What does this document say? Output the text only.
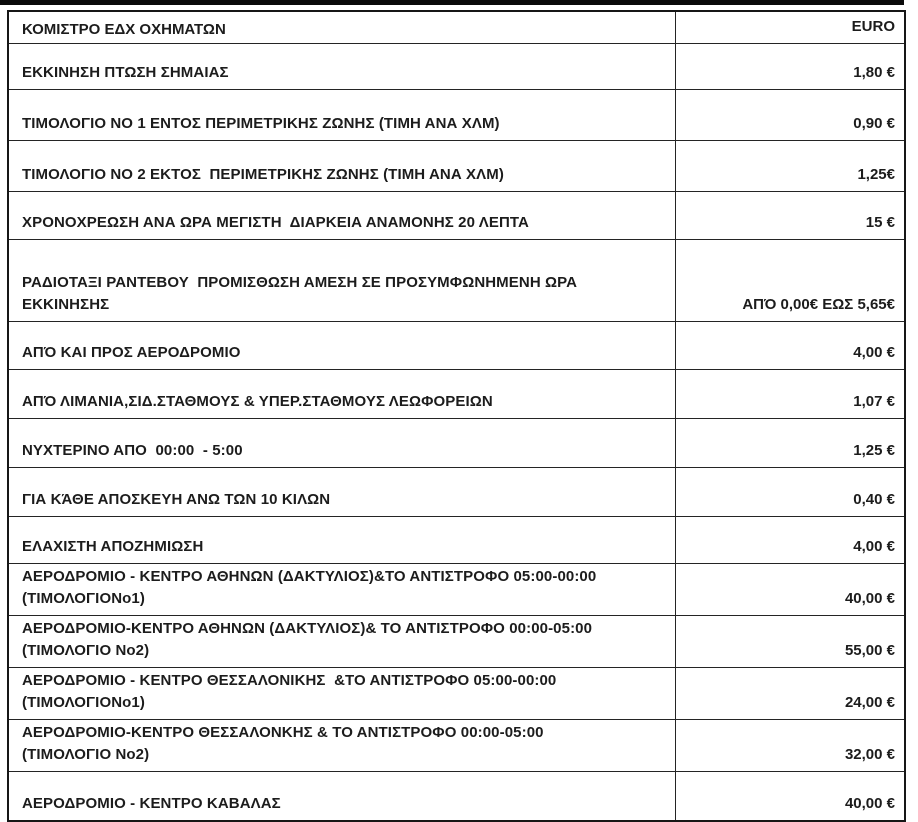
ΚΟΜΙΣΤΡΟ ΕΔΧ ΟΧΗΜΑΤΩΝ	EURO

ΕΚΚΙΝΗΣΗ ΠΤΩΣΗ ΣΗΜΑΙΑΣ	1,80 €

ΤΙΜΟΛΟΓΙΟ ΝΟ 1 ΕΝΤΟΣ ΠΕΡΙΜΕΤΡΙΚΗΣ ΖΩΝΗΣ (ΤΙΜΗ ΑΝΑ ΧΛΜ)	0,90 €

ΤΙΜΟΛΟΓΙΟ ΝΟ 2 ΕΚΤΟΣ  ΠΕΡΙΜΕΤΡΙΚΗΣ ΖΩΝΗΣ (ΤΙΜΗ ΑΝΑ ΧΛΜ)	1,25€

ΧΡΟΝΟΧΡΕΩΣΗ ΑΝΑ ΩΡΑ ΜΕΓΙΣΤΗ  ΔΙΑΡΚΕΙΑ ΑΝΑΜΟΝΗΣ 20 ΛΕΠΤΑ	15 €

ΡΑΔΙΟΤΑΞΙ ΡΑΝΤΕΒΟΥ  ΠΡΟΜΙΣΘΩΣΗ ΑΜΕΣΗ ΣΕ ΠΡΟΣΥΜΦΩΝΗΜΕΝΗ ΩΡΑ
ΕΚΚΙΝΗΣΗΣ	ΑΠΌ 0,00€ ΕΩΣ 5,65€

ΑΠΌ ΚΑΙ ΠΡΟΣ ΑΕΡΟΔΡΟΜΙΟ	4,00 €

ΑΠΌ ΛΙΜΑΝΙΑ,ΣΙΔ.ΣΤΑΘΜΟΥΣ & ΥΠΕΡ.ΣΤΑΘΜΟΥΣ ΛΕΩΦΟΡΕΙΩΝ	1,07 €

ΝΥΧΤΕΡΙΝΟ ΑΠΟ  00:00  - 5:00	1,25 €

ΓΙΑ ΚΆΘΕ ΑΠΟΣΚΕΥΗ ΑΝΩ ΤΩΝ 10 ΚΙΛΩΝ	0,40 €

ΕΛΑΧΙΣΤΗ ΑΠΟΖΗΜΙΩΣΗ	4,00 €

ΑΕΡΟΔΡΟΜΙΟ - ΚΕΝΤΡΟ ΑΘΗΝΩΝ (ΔΑΚΤΥΛΙΟΣ)&ΤΟ ΑΝΤΙΣΤΡΟΦΟ 05:00-00:00
(ΤΙΜΟΛΟΓΙΟΝο1)	40,00 €

ΑΕΡΟΔΡΟΜΙΟ-ΚΕΝΤΡΟ ΑΘΗΝΩΝ (ΔΑΚΤΥΛΙΟΣ)& ΤΟ ΑΝΤΙΣΤΡΟΦΟ 00:00-05:00
(ΤΙΜΟΛΟΓΙΟ Νο2)	55,00 €

ΑΕΡΟΔΡΟΜΙΟ - ΚΕΝΤΡΟ ΘΕΣΣΑΛΟΝΙΚΗΣ  &ΤΟ ΑΝΤΙΣΤΡΟΦΟ 05:00-00:00
(ΤΙΜΟΛΟΓΙΟΝο1)	24,00 €

ΑΕΡΟΔΡΟΜΙΟ-ΚΕΝΤΡΟ ΘΕΣΣΑΛΟΝΚΗΣ & ΤΟ ΑΝΤΙΣΤΡΟΦΟ 00:00-05:00
(ΤΙΜΟΛΟΓΙΟ Νο2)	32,00 €

ΑΕΡΟΔΡΟΜΙΟ - ΚΕΝΤΡΟ ΚΑΒΑΛΑΣ	40,00 €
